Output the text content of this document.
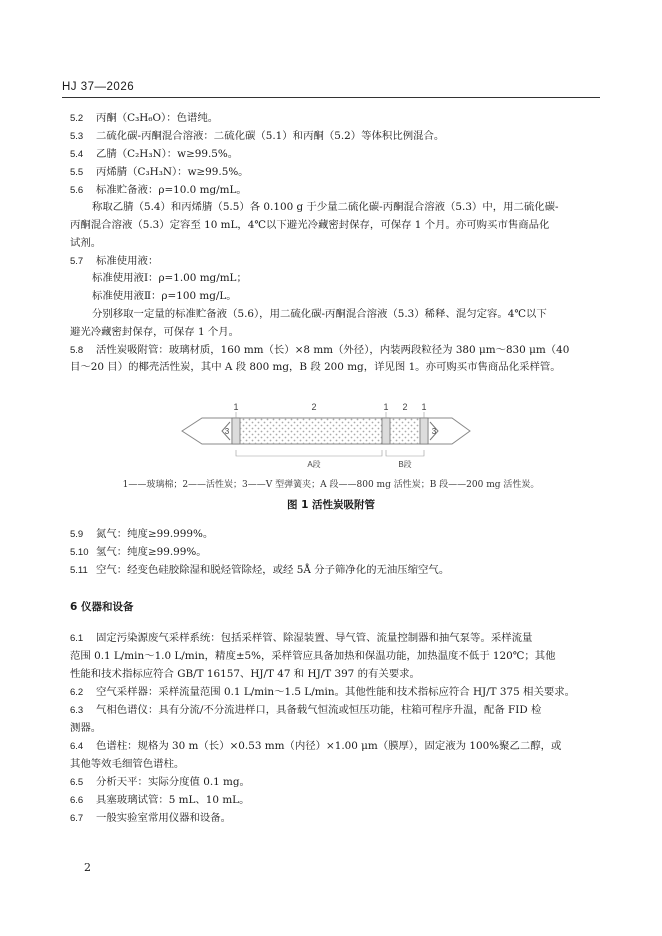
HJ 37—2026
5.2 丙酮（C₃H₆O）：色谱纯。
5.3 二硫化碳-丙酮混合溶液：二硫化碳（5.1）和丙酮（5.2）等体积比例混合。
5.4 乙腈（C₂H₃N）：w≥99.5%。
5.5 丙烯腈（C₃H₃N）：w≥99.5%。
5.6 标准贮备液：ρ=10.0 mg/mL。
称取乙腈（5.4）和丙烯腈（5.5）各 0.100 g 于少量二硫化碳-丙酮混合溶液（5.3）中，用二硫化碳-
丙酮混合溶液（5.3）定容至 10 mL，4℃以下避光冷藏密封保存，可保存 1 个月。亦可购买市售商品化
试剂。
5.7 标准使用液：
标准使用液Ⅰ：ρ=1.00 mg/mL；
标准使用液Ⅱ：ρ=100 mg/L。
分别移取一定量的标准贮备液（5.6），用二硫化碳-丙酮混合溶液（5.3）稀释、混匀定容。4℃以下
避光冷藏密封保存，可保存 1 个月。
5.8 活性炭吸附管：玻璃材质，160 mm（长）×8 mm（外径），内装两段粒径为 380 μm～830 μm（40
目～20 目）的椰壳活性炭，其中 A 段 800 mg，B 段 200 mg，详见图 1。亦可购买市售商品化采样管。
1	2	1 2 1
3	3
A段	B段
1——玻璃棉；2——活性炭；3——V 型弹簧夹；A 段——800 mg 活性炭；B 段——200 mg 活性炭。
图 1 活性炭吸附管
5.9 氮气：纯度≥99.999%。
5.10 氢气：纯度≥99.99%。
5.11 空气：经变色硅胶除湿和脱烃管除烃，或经 5Å 分子筛净化的无油压缩空气。
6 仪器和设备
6.1 固定污染源废气采样系统：包括采样管、除湿装置、导气管、流量控制器和抽气泵等。采样流量
范围 0.1 L/min～1.0 L/min，精度±5%，采样管应具备加热和保温功能，加热温度不低于 120℃；其他
性能和技术指标应符合 GB/T 16157、HJ/T 47 和 HJ/T 397 的有关要求。
6.2 空气采样器：采样流量范围 0.1 L/min～1.5 L/min。其他性能和技术指标应符合 HJ/T 375 相关要求。
6.3 气相色谱仪：具有分流/不分流进样口，具备载气恒流或恒压功能，柱箱可程序升温，配备 FID 检
测器。
6.4 色谱柱：规格为 30 m（长）×0.53 mm（内径）×1.00 μm（膜厚），固定液为 100%聚乙二醇，或
其他等效毛细管色谱柱。
6.5 分析天平：实际分度值 0.1 mg。
6.6 具塞玻璃试管：5 mL、10 mL。
6.7 一般实验室常用仪器和设备。
2
